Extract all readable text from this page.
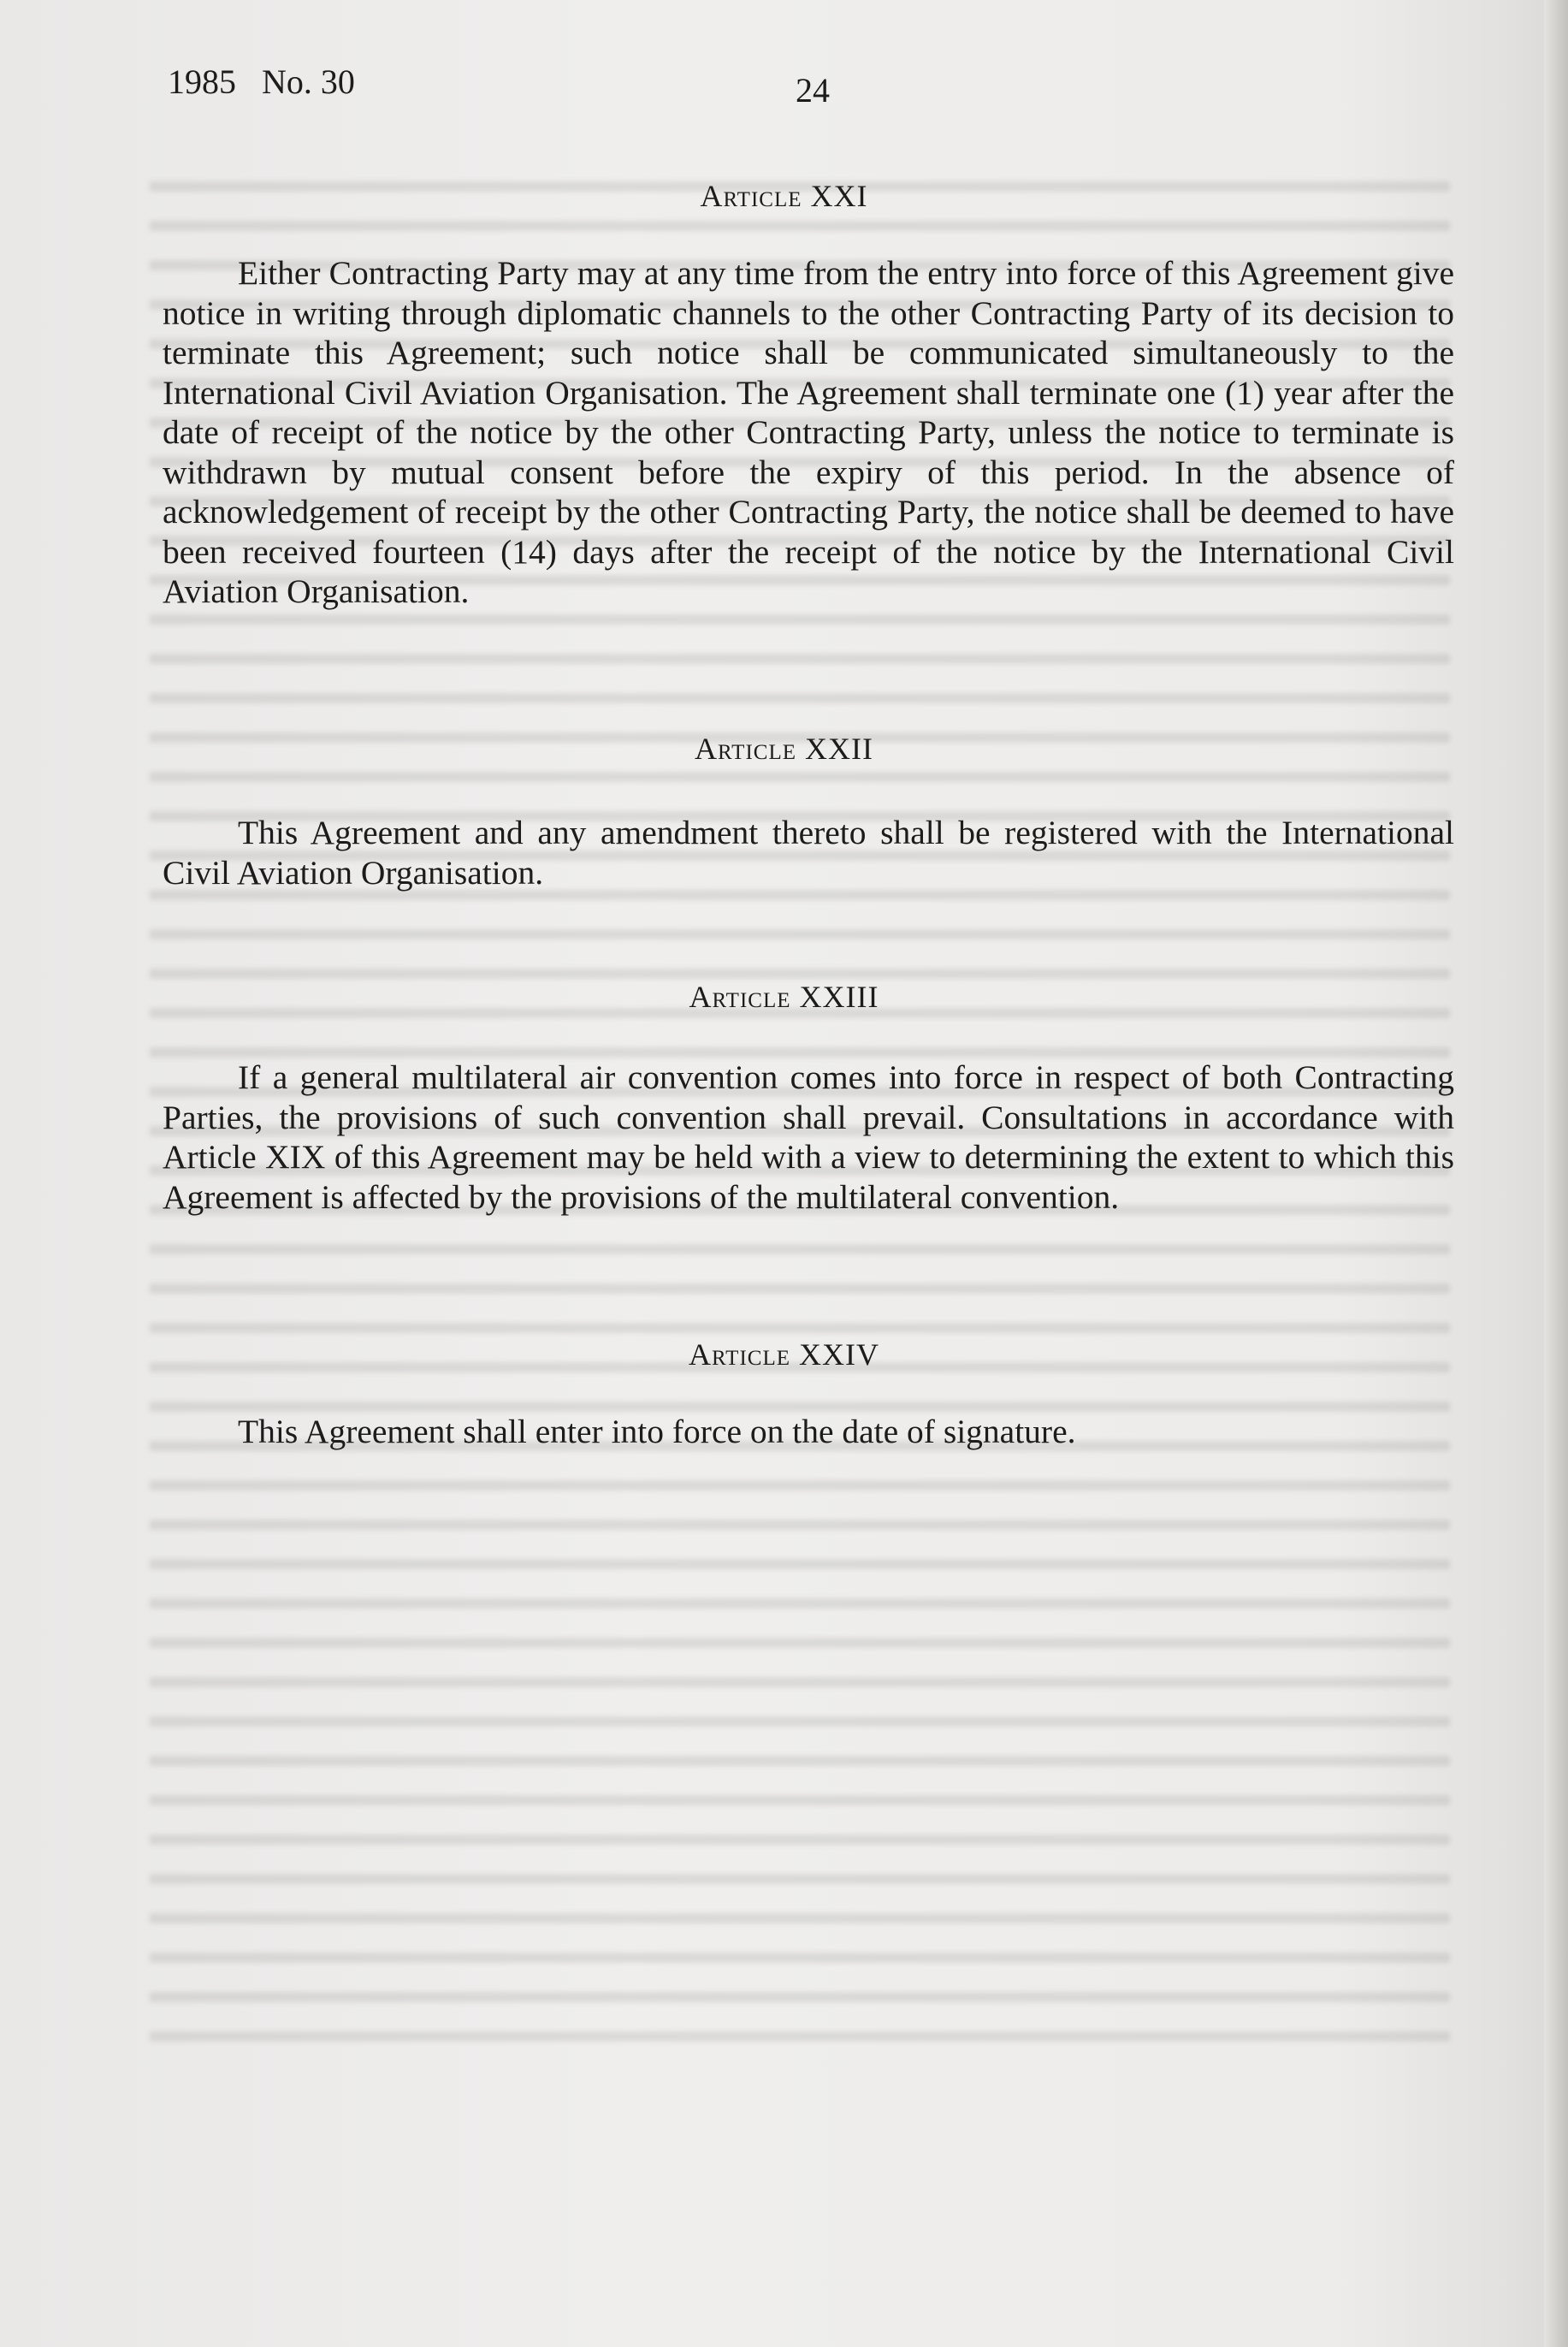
1985   No. 30	24
Article XXI

Either Contracting Party may at any time from the entry into force of this Agreement give notice in writing through diplomatic channels to the other Contracting Party of its decision to terminate this Agreement; such notice shall be communicated simultaneously to the International Civil Aviation Organisation. The Agreement shall terminate one (1) year after the date of receipt of the notice by the other Contracting Party, unless the notice to terminate is withdrawn by mutual consent before the expiry of this period. In the absence of acknowledgement of receipt by the other Contracting Party, the notice shall be deemed to have been received fourteen (14) days after the receipt of the notice by the International Civil Aviation Organisation.

Article XXII

This Agreement and any amendment thereto shall be registered with the International Civil Aviation Organisation.

Article XXIII

If a general multilateral air convention comes into force in respect of both Contracting Parties, the provisions of such convention shall prevail. Consultations in accordance with Article XIX of this Agreement may be held with a view to determining the extent to which this Agreement is affected by the provisions of the multilateral convention.

Article XXIV

This Agreement shall enter into force on the date of signature.
